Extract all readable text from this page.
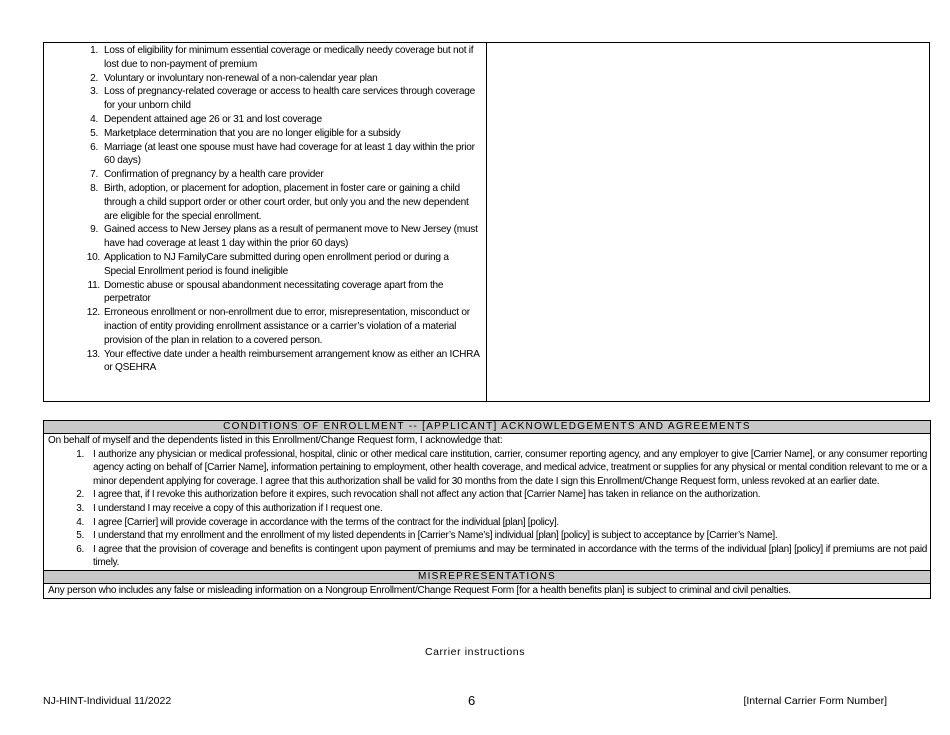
1. Loss of eligibility for minimum essential coverage or medically needy coverage but not if lost due to non-payment of premium
2. Voluntary or involuntary non-renewal of a non-calendar year plan
3. Loss of pregnancy-related coverage or access to health care services through coverage for your unborn child
4. Dependent attained age 26 or 31 and lost coverage
5. Marketplace determination that you are no longer eligible for a subsidy
6. Marriage (at least one spouse must have had coverage for at least 1 day within the prior 60 days)
7. Confirmation of pregnancy by a health care provider
8. Birth, adoption, or placement for adoption, placement in foster care or gaining a child through a child support order or other court order, but only you and the new dependent are eligible for the special enrollment.
9. Gained access to New Jersey plans as a result of permanent move to New Jersey (must have had coverage at least 1 day within the prior 60 days)
10. Application to NJ FamilyCare submitted during open enrollment period or during a Special Enrollment period is found ineligible
11. Domestic abuse or spousal abandonment necessitating coverage apart from the perpetrator
12. Erroneous enrollment or non-enrollment due to error, misrepresentation, misconduct or inaction of entity providing enrollment assistance or a carrier’s violation of a material provision of the plan in relation to a covered person.
13. Your effective date under a health reimbursement arrangement know as either an ICHRA or QSEHRA
CONDITIONS OF ENROLLMENT -- [APPLICANT] ACKNOWLEDGEMENTS AND AGREEMENTS
On behalf of myself and the dependents listed in this Enrollment/Change Request form, I acknowledge that:
1. I authorize any physician or medical professional, hospital, clinic or other medical care institution, carrier, consumer reporting agency, and any employer to give [Carrier Name], or any consumer reporting agency acting on behalf of [Carrier Name], information pertaining to employment, other health coverage, and medical advice, treatment or supplies for any physical or mental condition relevant to me or a minor dependent applying for coverage. I agree that this authorization shall be valid for 30 months from the date I sign this Enrollment/Change Request form, unless revoked at an earlier date.
2. I agree that, if I revoke this authorization before it expires, such revocation shall not affect any action that [Carrier Name] has taken in reliance on the authorization.
3. I understand I may receive a copy of this authorization if I request one.
4. I agree [Carrier] will provide coverage in accordance with the terms of the contract for the individual [plan] [policy].
5. I understand that my enrollment and the enrollment of my listed dependents in [Carrier’s Name’s] individual [plan] [policy] is subject to acceptance by [Carrier’s Name].
6. I agree that the provision of coverage and benefits is contingent upon payment of premiums and may be terminated in accordance with the terms of the individual [plan] [policy] if premiums are not paid timely.
MISREPRESENTATIONS
Any person who includes any false or misleading information on a Nongroup Enrollment/Change Request Form [for a health benefits plan] is subject to criminal and civil penalties.
Carrier instructions
NJ-HINT-Individual 11/2022	6	[Internal Carrier Form Number]
